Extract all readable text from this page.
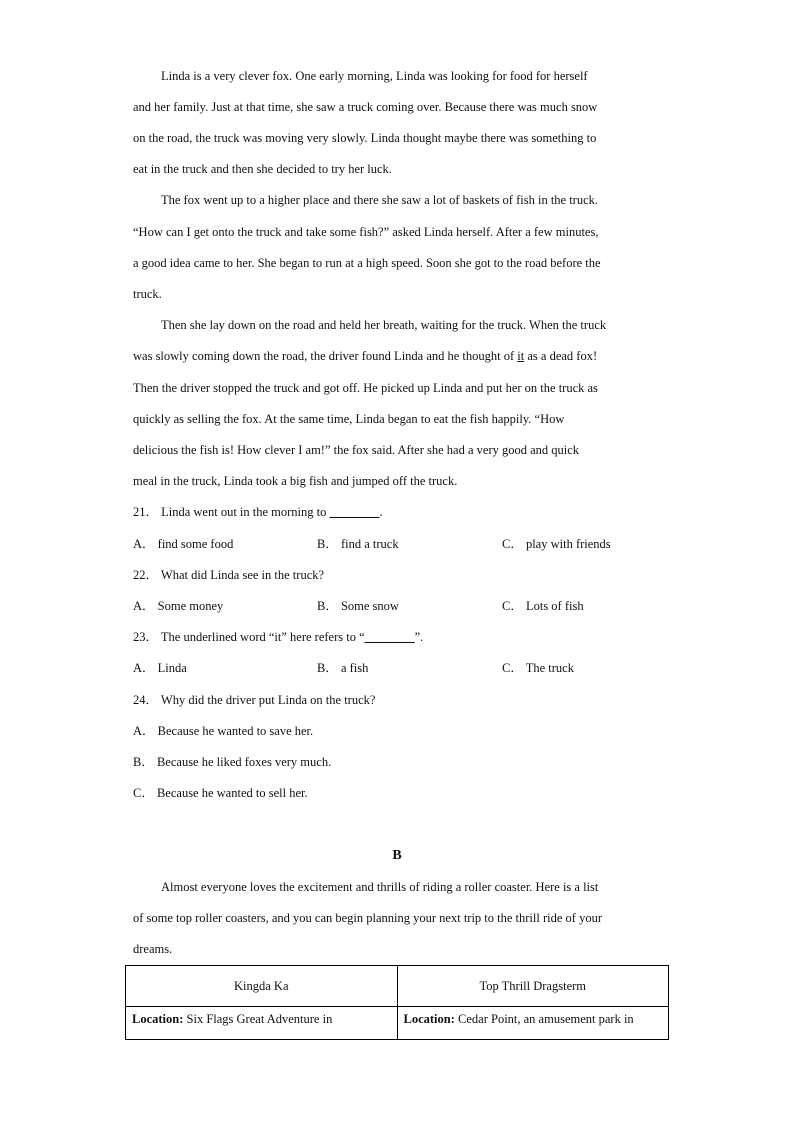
Linda is a very clever fox. One early morning, Linda was looking for food for herself
and her family. Just at that time, she saw a truck coming over. Because there was much snow
on the road, the truck was moving very slowly. Linda thought maybe there was something to
eat in the truck and then she decided to try her luck.
The fox went up to a higher place and there she saw a lot of baskets of fish in the truck.
“How can I get onto the truck and take some fish?” asked Linda herself. After a few minutes,
a good idea came to her. She began to run at a high speed. Soon she got to the road before the
truck.
Then she lay down on the road and held her breath, waiting for the truck. When the truck
was slowly coming down the road, the driver found Linda and he thought of it as a dead fox!
Then the driver stopped the truck and got off. He picked up Linda and put her on the truck as
quickly as selling the fox. At the same time, Linda began to eat the fish happily. “How
delicious the fish is! How clever I am!” the fox said. After she had a very good and quick
meal in the truck, Linda took a big fish and jumped off the truck.
21． Linda went out in the morning to ________.
A． find some food	B． find a truck	C． play with friends
22． What did Linda see in the truck?
A． Some money	B． Some snow	C． Lots of fish
23． The underlined word “it” here refers to “________”.
A． Linda	B． a fish	C． The truck
24． Why did the driver put Linda on the truck?
A． Because he wanted to save her.
B． Because he liked foxes very much.
C． Because he wanted to sell her.
B
Almost everyone loves the excitement and thrills of riding a roller coaster. Here is a list
of some top roller coasters, and you can begin planning your next trip to the thrill ride of your
dreams.
Kingda Ka	Top Thrill Dragsterm
Location: Six Flags Great Adventure in	Location: Cedar Point, an amusement park in
